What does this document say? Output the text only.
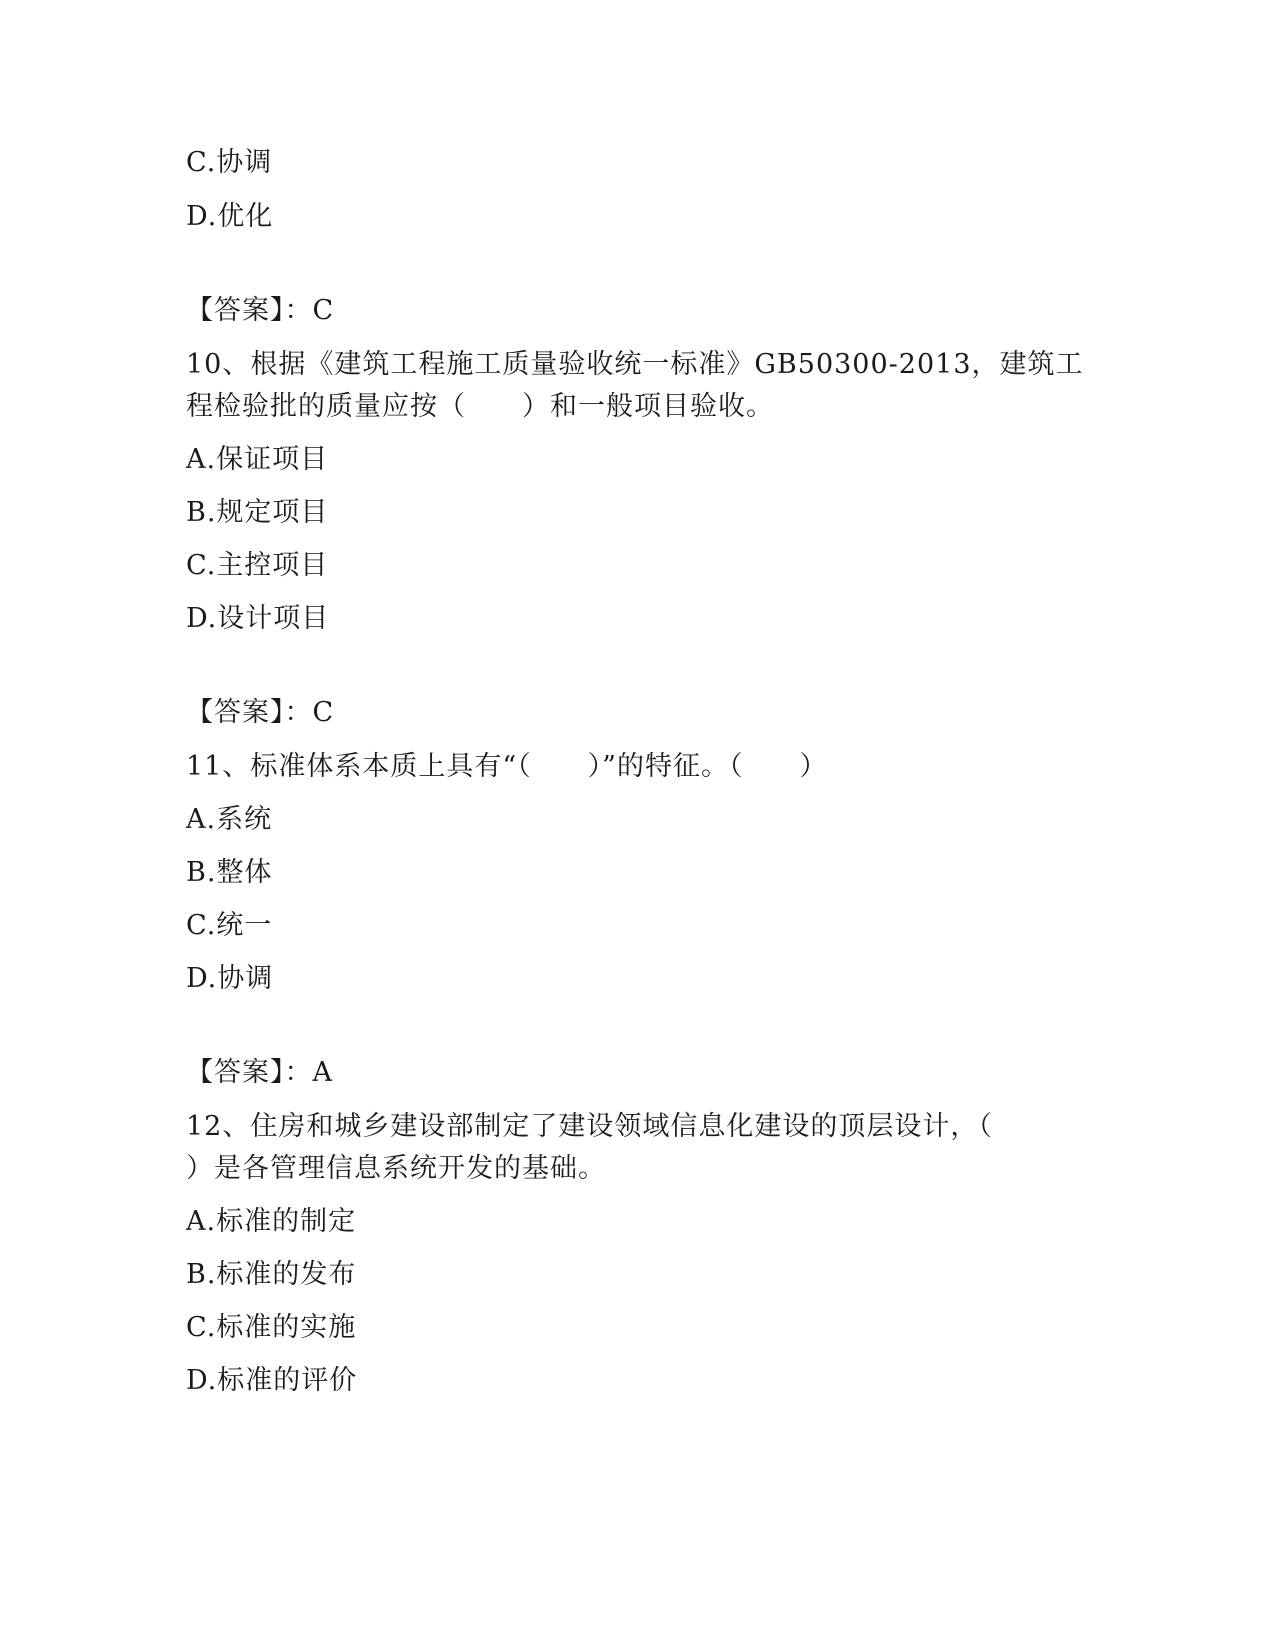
C.协调
D.优化
【答案】：C
10、根据《建筑工程施工质量验收统一标准》GB50300-2013，建筑工
程检验批的质量应按（　　）和一般项目验收。
A.保证项目
B.规定项目
C.主控项目
D.设计项目
【答案】：C
11、标准体系本质上具有“（　　）”的特征。（　　）
A.系统
B.整体
C.统一
D.协调
【答案】：A
12、住房和城乡建设部制定了建设领域信息化建设的顶层设计，（
）是各管理信息系统开发的基础。
A.标准的制定
B.标准的发布
C.标准的实施
D.标准的评价
